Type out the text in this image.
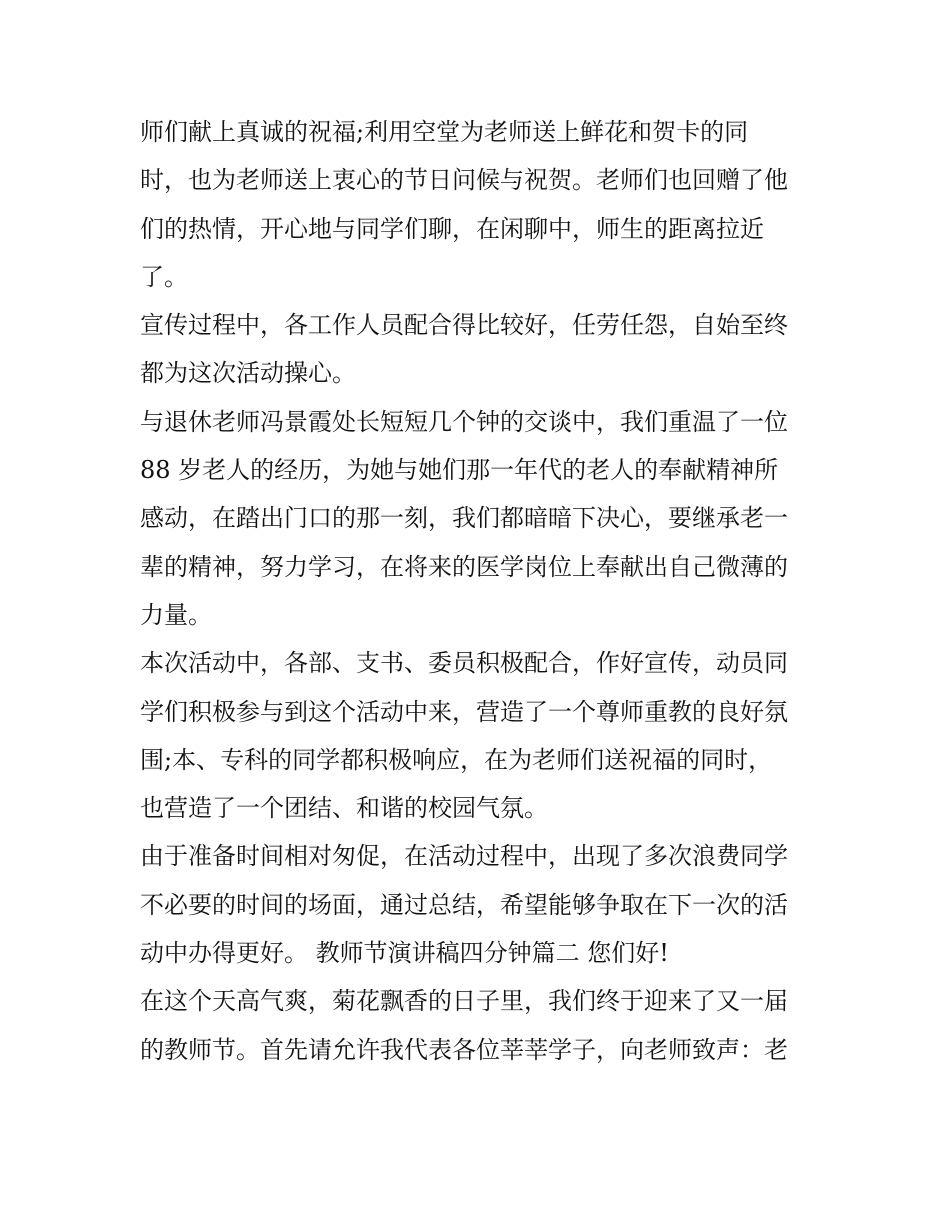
师们献上真诚的祝福;利用空堂为老师送上鲜花和贺卡的同
时，也为老师送上衷心的节日问候与祝贺。老师们也回赠了他
们的热情，开心地与同学们聊，在闲聊中，师生的距离拉近
了。
宣传过程中，各工作人员配合得比较好，任劳任怨，自始至终
都为这次活动操心。
与退休老师冯景霞处长短短几个钟的交谈中，我们重温了一位
88 岁老人的经历，为她与她们那一年代的老人的奉献精神所
感动，在踏出门口的那一刻，我们都暗暗下决心，要继承老一
辈的精神，努力学习，在将来的医学岗位上奉献出自己微薄的
力量。
本次活动中，各部、支书、委员积极配合，作好宣传，动员同
学们积极参与到这个活动中来，营造了一个尊师重教的良好氛
围;本、专科的同学都积极响应，在为老师们送祝福的同时，
也营造了一个团结、和谐的校园气氛。
由于准备时间相对匆促，在活动过程中，出现了多次浪费同学
不必要的时间的场面，通过总结，希望能够争取在下一次的活
动中办得更好。 教师节演讲稿四分钟篇二 您们好!
在这个天高气爽，菊花飘香的日子里，我们终于迎来了又一届
的教师节。首先请允许我代表各位莘莘学子，向老师致声：老
